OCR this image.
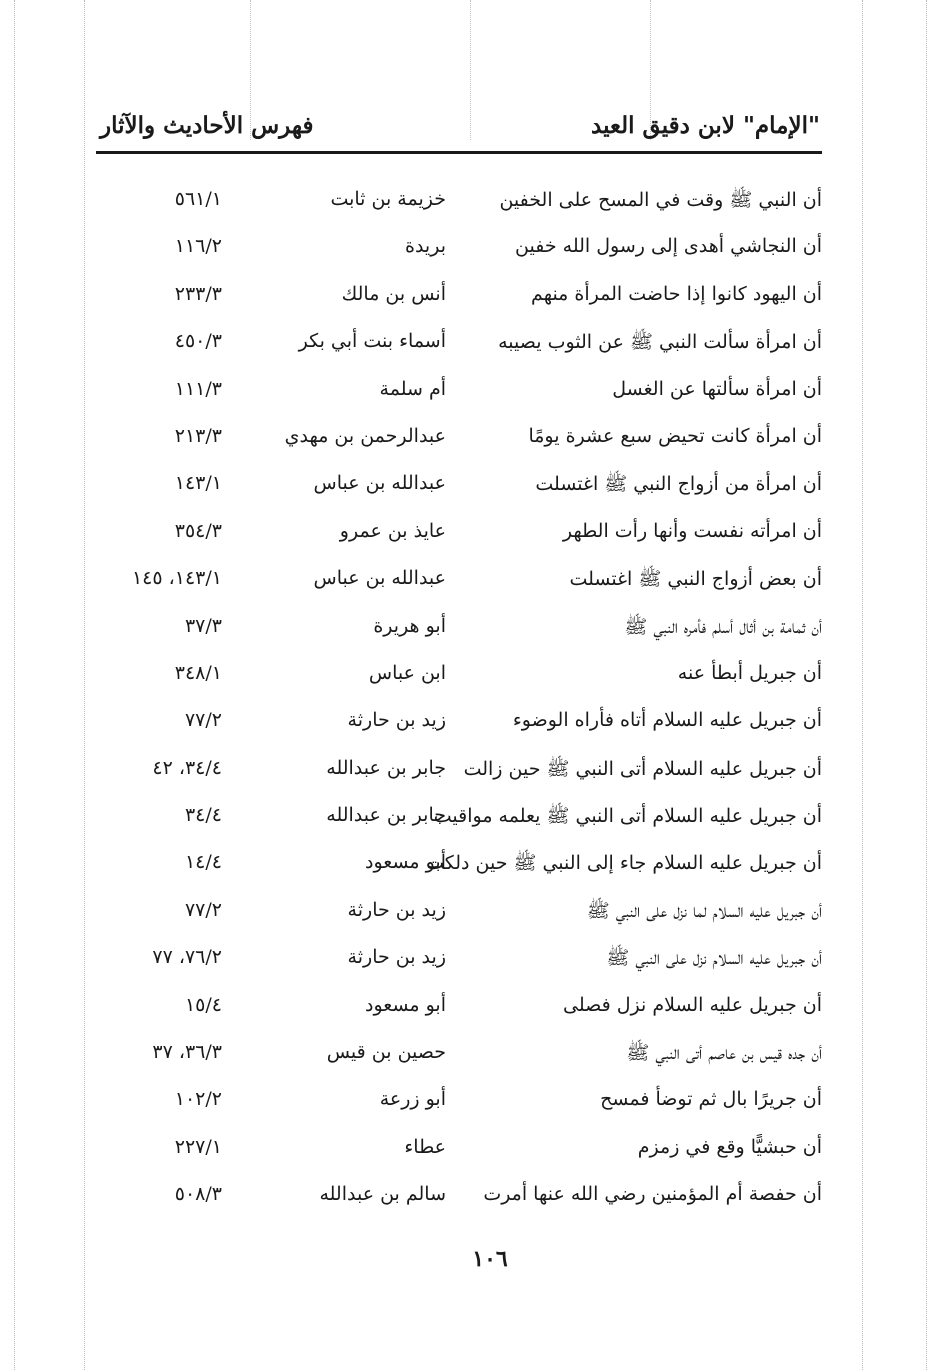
"الإمام" لابن دقيق العيد
فهرس الأحاديث والآثار
أن النبي ﷺ وقت في المسح على الخفين
خزيمة بن ثابت
٥٦١/١
أن النجاشي أهدى إلى رسول الله خفين
بريدة
١١٦/٢
أن اليهود كانوا إذا حاضت المرأة منهم
أنس بن مالك
٢٣٣/٣
أن امرأة سألت النبي ﷺ عن الثوب يصيبه
أسماء بنت أبي بكر
٤٥٠/٣
أن امرأة سألتها عن الغسل
أم سلمة
١١١/٣
أن امرأة كانت تحيض سبع عشرة يومًا
عبدالرحمن بن مهدي
٢١٣/٣
أن امرأة من أزواج النبي ﷺ اغتسلت
عبدالله بن عباس
١٤٣/١
أن امرأته نفست وأنها رأت الطهر
عايذ بن عمرو
٣٥٤/٣
أن بعض أزواج النبي ﷺ اغتسلت
عبدالله بن عباس
١٤٣/١، ١٤٥
أن ثمامة بن أثال أسلم فأمره النبي ﷺ
أبو هريرة
٣٧/٣
أن جبريل أبطأ عنه
ابن عباس
٣٤٨/١
أن جبريل عليه السلام أتاه فأراه الوضوء
زيد بن حارثة
٧٧/٢
أن جبريل عليه السلام أتى النبي ﷺ حين زالت
جابر بن عبدالله
٣٤/٤، ٤٢
أن جبريل عليه السلام أتى النبي ﷺ يعلمه مواقيت
جابر بن عبدالله
٣٤/٤
أن جبريل عليه السلام جاء إلى النبي ﷺ حين دلكت
أبو مسعود
١٤/٤
أن جبريل عليه السلام لما نزل على النبي ﷺ
زيد بن حارثة
٧٧/٢
أن جبريل عليه السلام نزل على النبي ﷺ
زيد بن حارثة
٧٦/٢، ٧٧
أن جبريل عليه السلام نزل فصلى
أبو مسعود
١٥/٤
أن جده قيس بن عاصم أتى النبي ﷺ
حصين بن قيس
٣٦/٣، ٣٧
أن جريرًا بال ثم توضأ فمسح
أبو زرعة
١٠٢/٢
أن حبشيًّا وقع في زمزم
عطاء
٢٢٧/١
أن حفصة أم المؤمنين رضي الله عنها أمرت
سالم بن عبدالله
٥٠٨/٣
١٠٦
